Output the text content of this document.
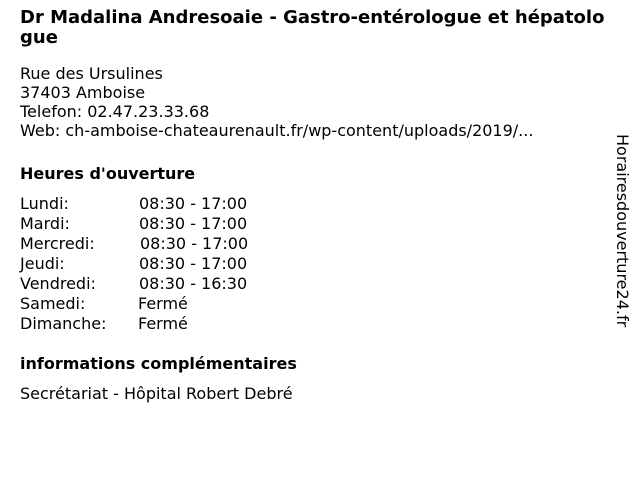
Dr Madalina Andresoaie - Gastro-entérologue et hépatologue
Rue des Ursulines
37403 Amboise
Telefon: 02.47.23.33.68
Web: ch-amboise-chateaurenault.fr/wp-content/uploads/2019/...
Heures d'ouverture
Lundi:	08:30 - 17:00
Mardi:	08:30 - 17:00
Mercredi:	08:30 - 17:00
Jeudi:	08:30 - 17:00
Vendredi:	08:30 - 16:30
Samedi:	Fermé
Dimanche: Fermé
informations complémentaires
Secrétariat - Hôpital Robert Debré
Horairesdouverture24.fr
